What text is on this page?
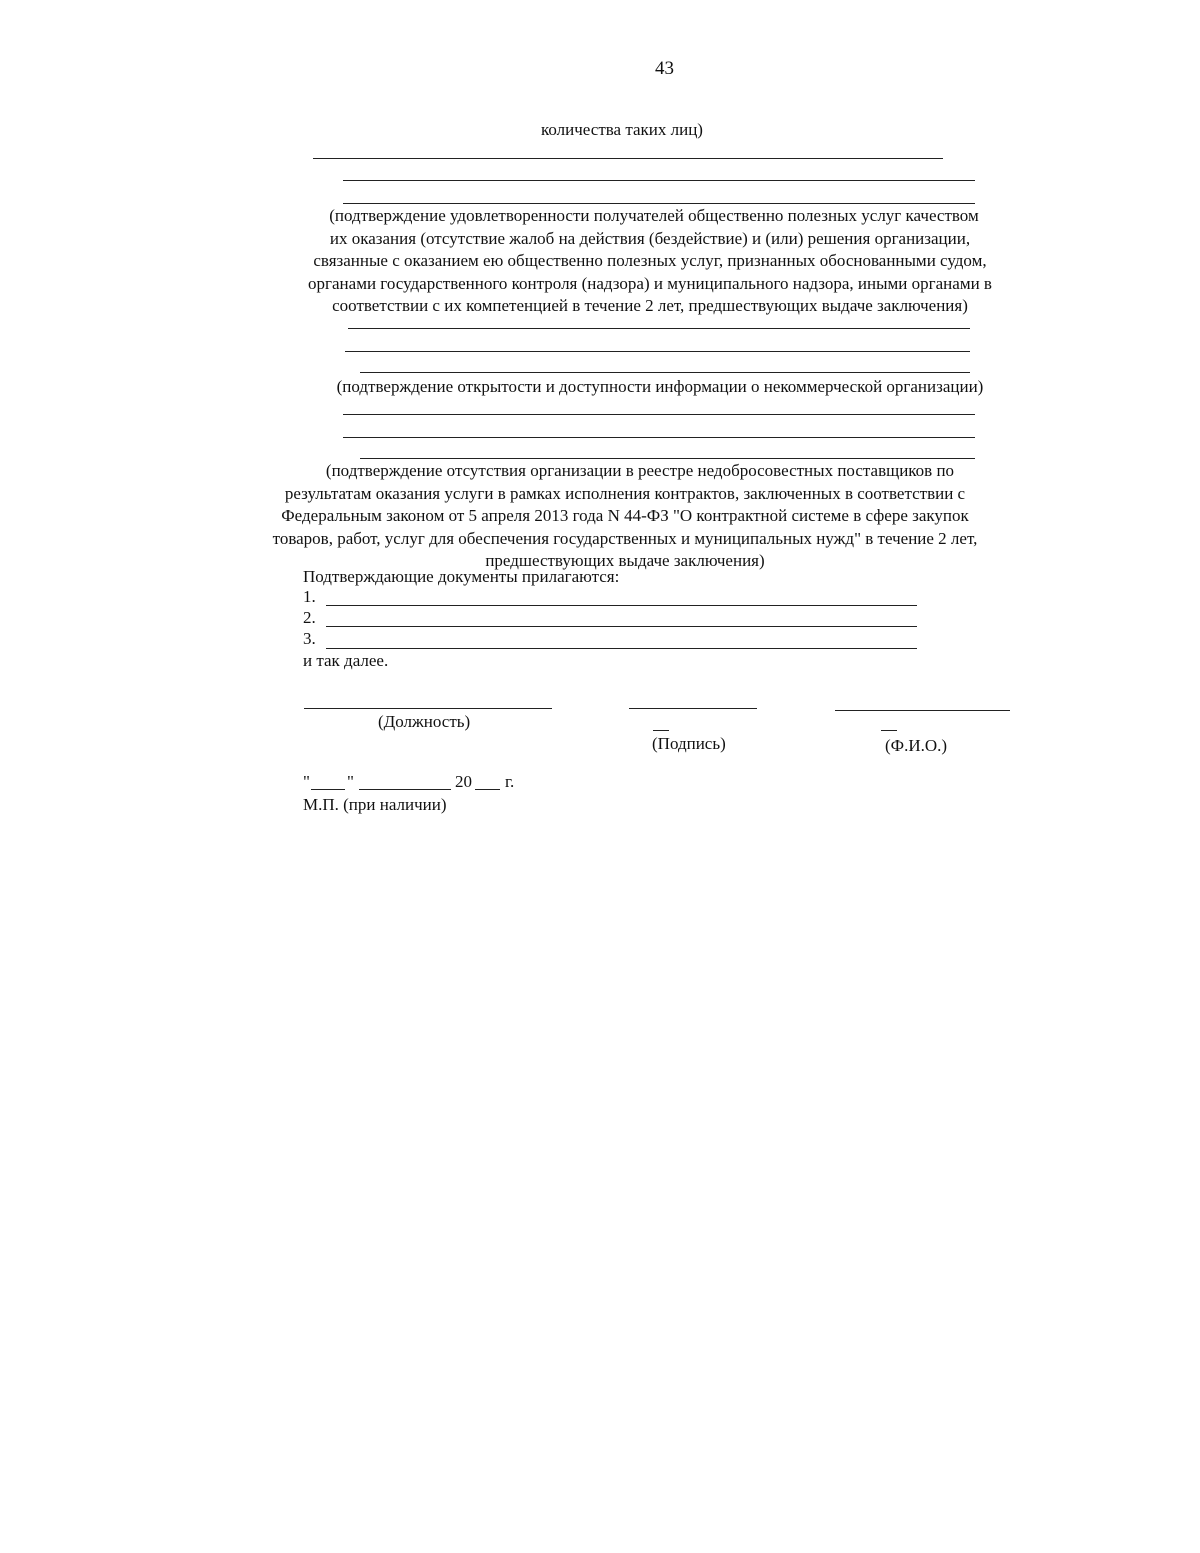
43
количества таких лиц)
(подтверждение удовлетворенности получателей общественно полезных услуг качеством
их оказания (отсутствие жалоб на действия (бездействие) и (или) решения организации,
связанные с оказанием ею общественно полезных услуг, признанных обоснованными судом,
органами государственного контроля (надзора) и муниципального надзора, иными органами в
соответствии с их компетенцией в течение 2 лет, предшествующих выдаче заключения)
(подтверждение открытости и доступности информации о некоммерческой организации)
(подтверждение отсутствия организации в реестре недобросовестных поставщиков по
результатам оказания услуги в рамках исполнения контрактов, заключенных в соответствии с
Федеральным законом от 5 апреля 2013 года N 44-ФЗ "О контрактной системе в сфере закупок
товаров, работ, услуг для обеспечения государственных и муниципальных нужд" в течение 2 лет,
предшествующих выдаче заключения)
Подтверждающие документы прилагаются:
1.
2.
3.
и так далее.
(Должность)
(Подпись)	(Ф.И.О.)
" "	20 г.
М.П. (при наличии)
